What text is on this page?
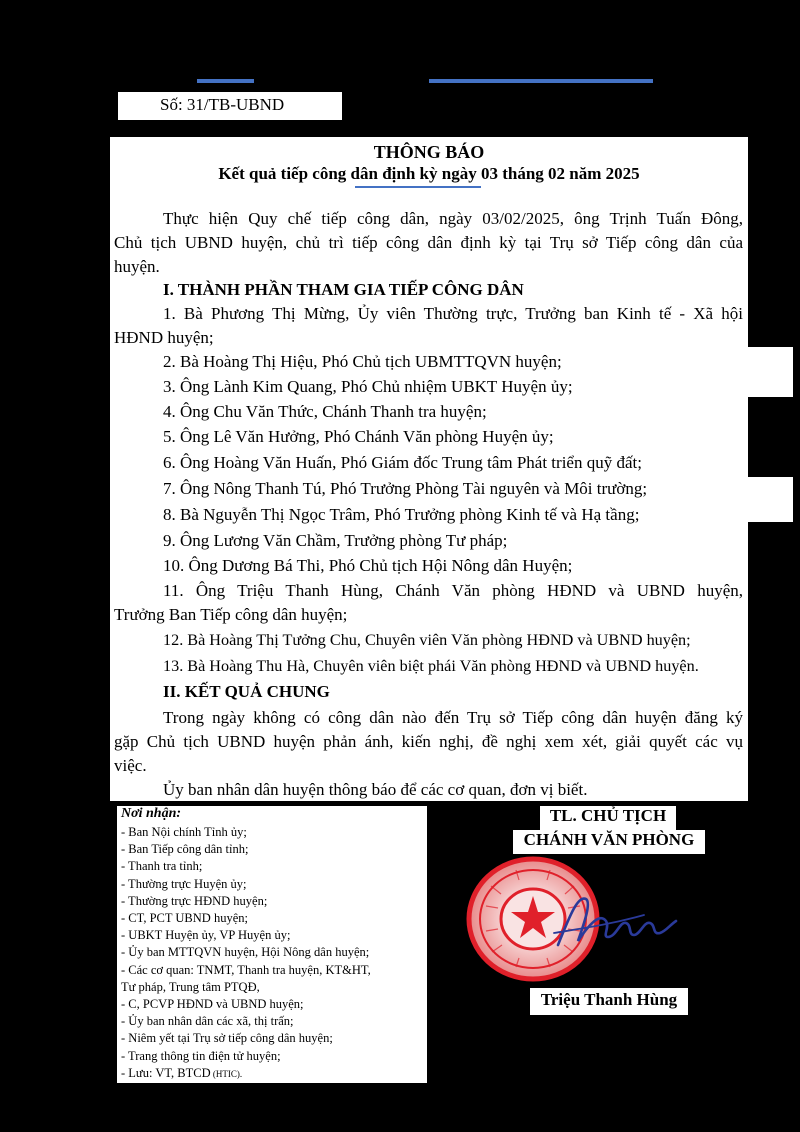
Số: 31/TB-UBND
THÔNG BÁO
Kết quả tiếp công dân định kỳ ngày 03 tháng 02 năm 2025
Thực hiện Quy chế tiếp công dân, ngày 03/02/2025, ông Trịnh Tuấn Đông,
Chủ tịch UBND huyện, chủ trì tiếp công dân định kỳ tại Trụ sở Tiếp công dân của
huyện.
I. THÀNH PHẦN THAM GIA TIẾP CÔNG DÂN
1. Bà Phương Thị Mừng, Ủy viên Thường trực, Trưởng ban Kinh tế - Xã hội
HĐND huyện;
2. Bà Hoàng Thị Hiệu, Phó Chủ tịch UBMTTQVN huyện;
3. Ông Lành Kim Quang, Phó Chủ nhiệm UBKT Huyện ủy;
4. Ông Chu Văn Thức, Chánh Thanh tra huyện;
5. Ông Lê Văn Hưởng, Phó Chánh Văn phòng Huyện ủy;
6. Ông Hoàng Văn Huấn, Phó Giám đốc Trung tâm Phát triển quỹ đất;
7. Ông Nông Thanh Tú, Phó Trưởng Phòng Tài nguyên và Môi trường;
8. Bà Nguyễn Thị Ngọc Trâm, Phó Trưởng phòng Kinh tế và Hạ tầng;
9. Ông Lương Văn Chầm, Trưởng phòng Tư pháp;
10. Ông Dương Bá Thi, Phó Chủ tịch Hội Nông dân Huyện;
11. Ông Triệu Thanh Hùng, Chánh Văn phòng HĐND và UBND huyện,
Trưởng Ban Tiếp công dân huyện;
12. Bà Hoàng Thị Tưởng Chu, Chuyên viên Văn phòng HĐND và UBND huyện;
13. Bà Hoàng Thu Hà, Chuyên viên biệt phái Văn phòng HĐND và UBND huyện.
II. KẾT QUẢ CHUNG
Trong ngày không có công dân nào đến Trụ sở Tiếp công dân huyện đăng ký
gặp Chủ tịch UBND huyện phản ánh, kiến nghị, đề nghị xem xét, giải quyết các vụ
việc.
Ủy ban nhân dân huyện thông báo để các cơ quan, đơn vị biết.
Nơi nhận:
- Ban Nội chính Tỉnh ủy;
- Ban Tiếp công dân tỉnh;
- Thanh tra tỉnh;
- Thường trực Huyện ủy;
- Thường trực HĐND huyện;
- CT, PCT UBND huyện;
- UBKT Huyện ủy, VP Huyện ủy;
- Ủy ban MTTQVN huyện, Hội Nông dân huyện;
- Các cơ quan: TNMT, Thanh tra huyện, KT&HT,
Tư pháp, Trung tâm PTQĐ,
- C, PCVP HĐND và UBND huyện;
- Ủy ban nhân dân các xã, thị trấn;
- Niêm yết tại Trụ sở tiếp công dân huyện;
- Trang thông tin điện tử huyện;
- Lưu: VT, BTCD (HTIC).
TL. CHỦ TỊCH
CHÁNH VĂN PHÒNG
Triệu Thanh Hùng
